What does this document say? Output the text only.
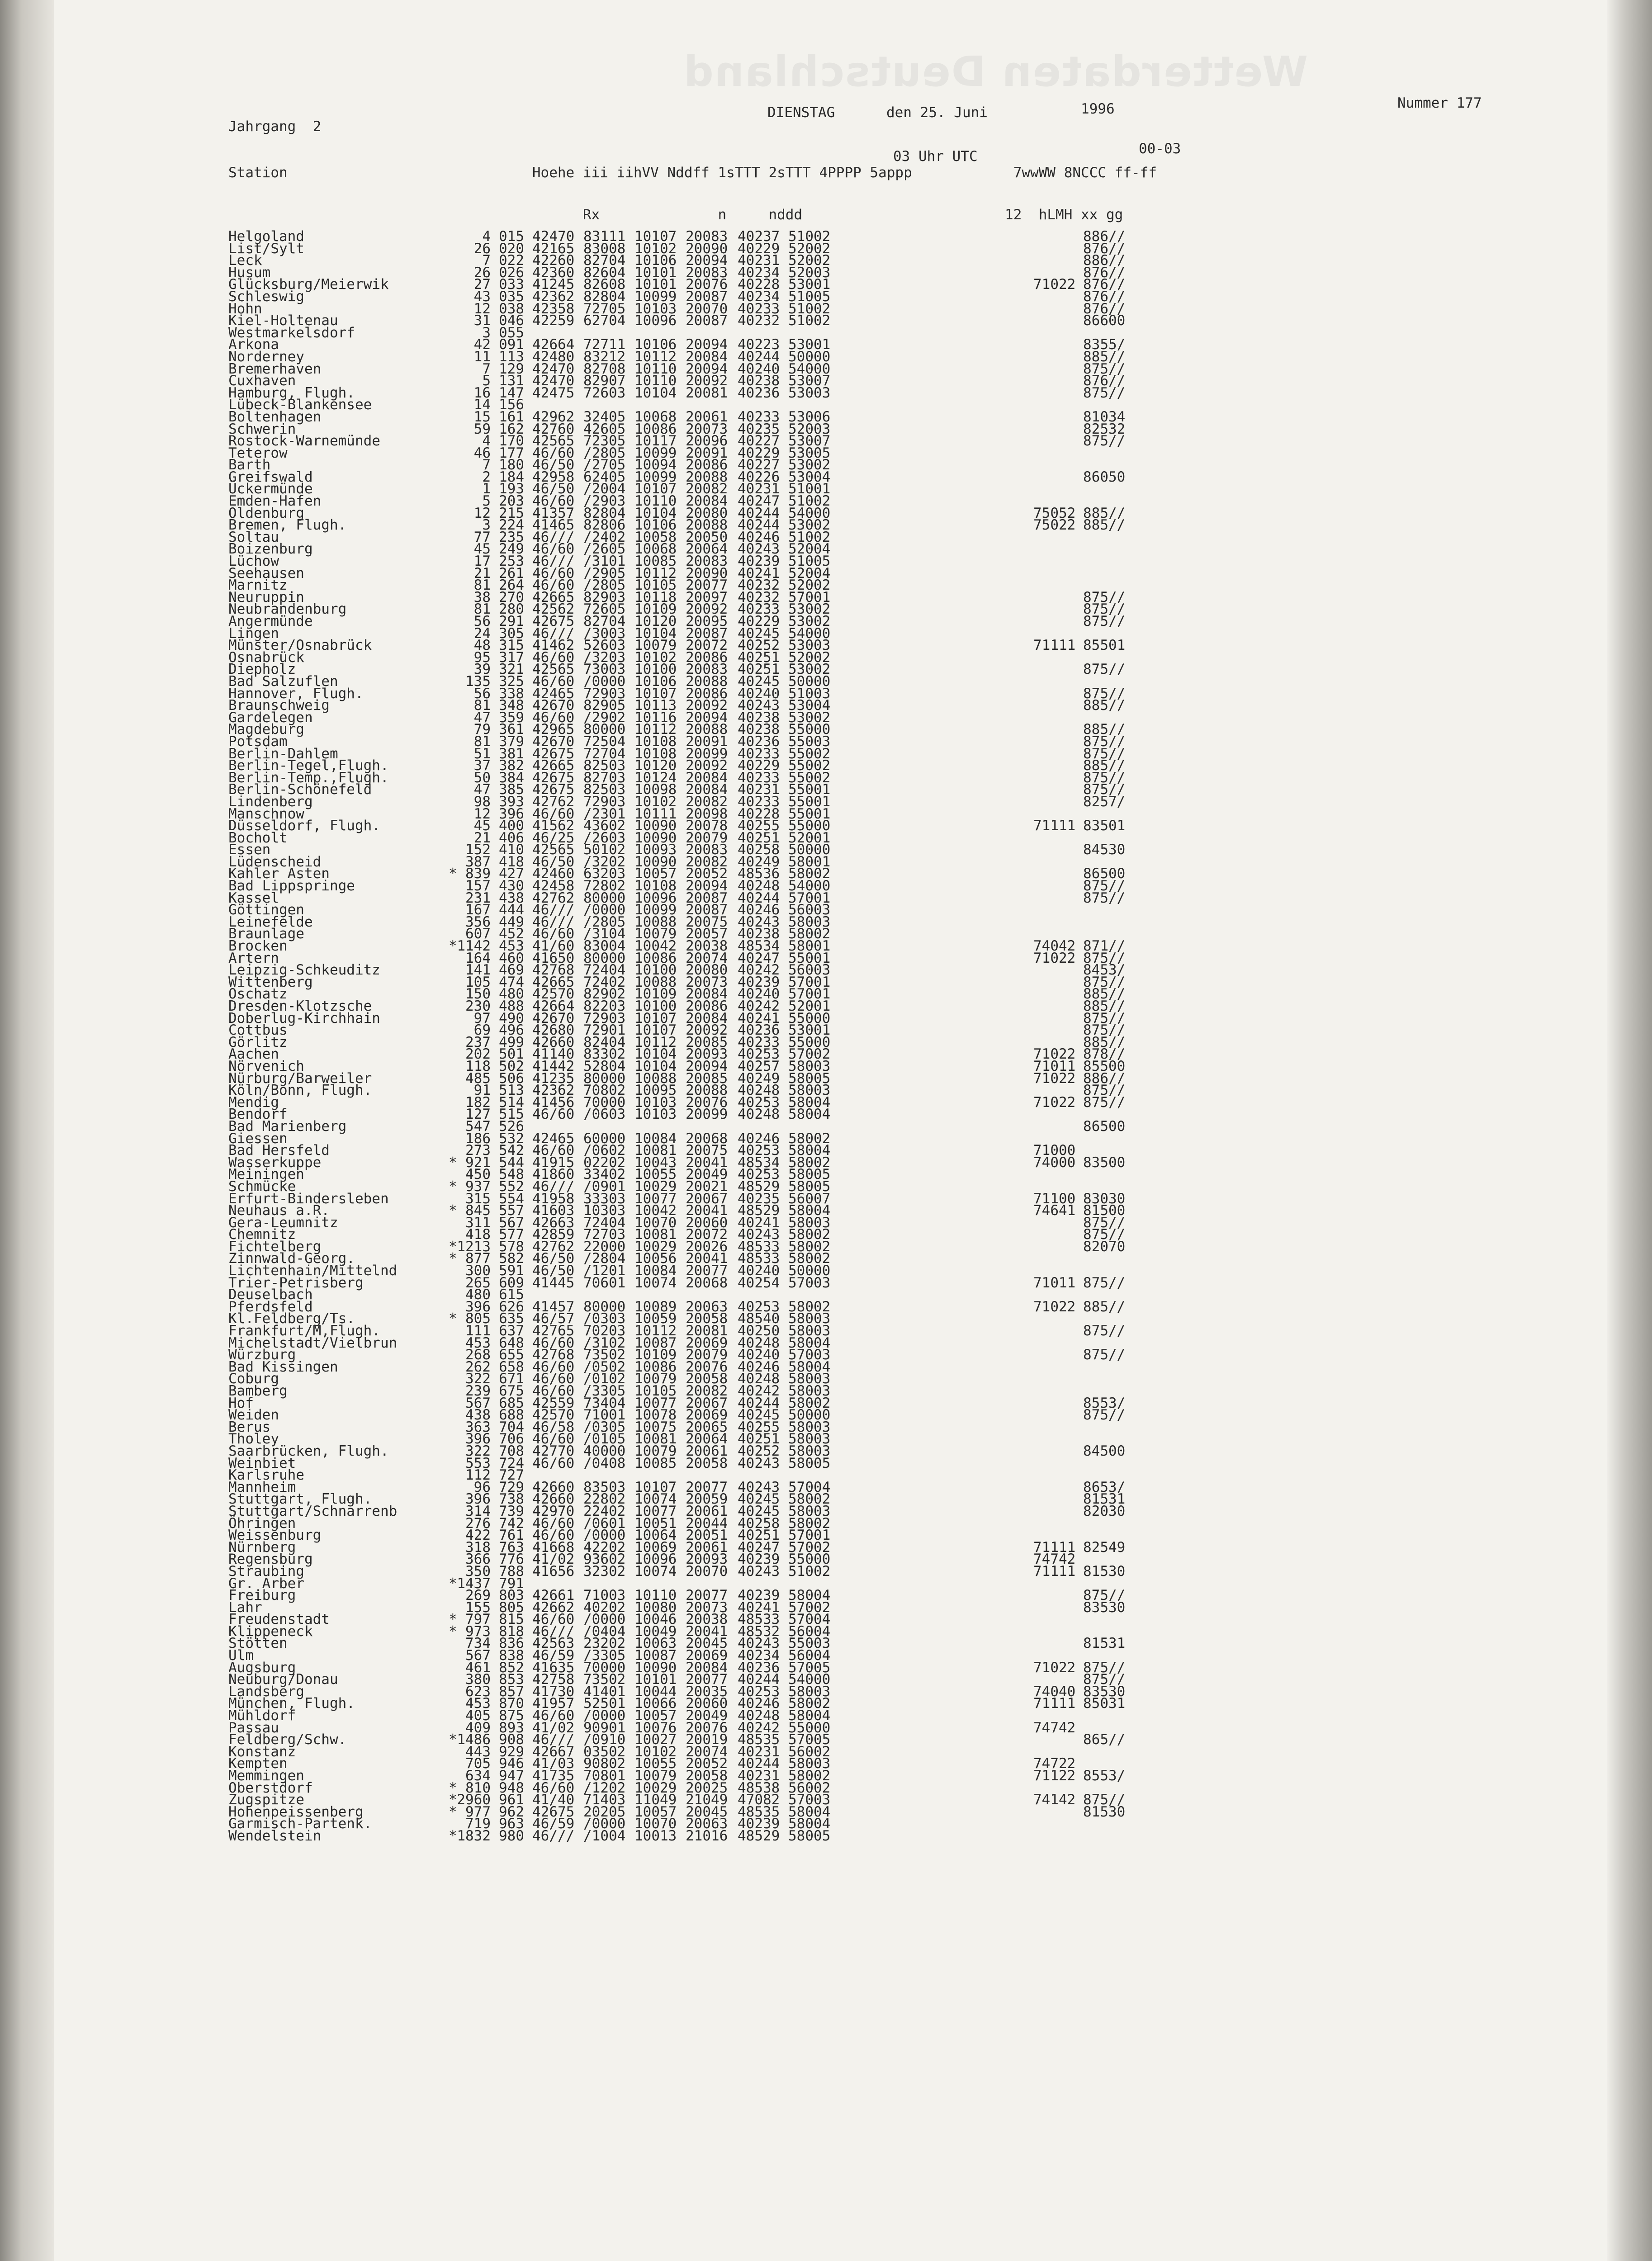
Wetterdaten Deutschland
Jahrgang  2
DIENSTAG	den 25. Juni	1996	Nummer 177
03 Uhr UTC	00-03

Station                             Hoehe iii iihVV Nddff 1sTTT 2sTTT 4PPPP 5appp            7wwWW 8NCCC ff-ff

Rx              n     nddd                        12  hLMH xx gg

Helgoland	4 015 42470 83111 10107 20083 40237 51002	886//
List/Sylt	26 020 42165 83008 10102 20090 40229 52002	876//
Leck	7 022 42260 82704 10106 20094 40231 52002	886//
Husum	26 026 42360 82604 10101 20083 40234 52003	876//
Glücksburg/Meierwik	27 033 41245 82608 10101 20076 40228 53001	71022 876//
Schleswig	43 035 42362 82804 10099 20087 40234 51005	876//
Hohn	12 038 42358 72705 10103 20070 40233 51002	876//
Kiel-Holtenau	31 046 42259 62704 10096 20087 40232 51002	86600
Westmarkelsdorf	3 055
Arkona	42 091 42664 72711 10106 20094 40223 53001	8355/
Norderney	11 113 42480 83212 10112 20084 40244 50000	885//
Bremerhaven	7 129 42470 82708 10110 20094 40240 54000	875//
Cuxhaven	5 131 42470 82907 10110 20092 40238 53007	876//
Hamburg, Flugh.	16 147 42475 72603 10104 20081 40236 53003	875//
Lübeck-Blankensee	14 156
Boltenhagen	15 161 42962 32405 10068 20061 40233 53006	81034
Schwerin	59 162 42760 42605 10086 20073 40235 52003	82532
Rostock-Warnemünde	4 170 42565 72305 10117 20096 40227 53007	875//
Teterow	46 177 46/60 /2805 10099 20091 40229 53005
Barth	7 180 46/50 /2705 10094 20086 40227 53002
Greifswald	2 184 42958 62405 10099 20088 40226 53004	86050
Ückermünde	1 193 46/50 /2004 10107 20082 40231 51001
Emden-Hafen	5 203 46/60 /2903 10110 20084 40247 51002
Oldenburg	12 215 41357 82804 10104 20080 40244 54000	75052 885//
Bremen, Flugh.	3 224 41465 82806 10106 20088 40244 53002	75022 885//
Soltau	77 235 46/// /2402 10058 20050 40246 51002
Boizenburg	45 249 46/60 /2605 10068 20064 40243 52004
Lüchow	17 253 46/// /3101 10085 20083 40239 51005
Seehausen	21 261 46/60 /2905 10112 20090 40241 52004
Marnitz	81 264 46/60 /2805 10105 20077 40232 52002
Neuruppin	38 270 42665 82903 10118 20097 40232 57001	875//
Neubrandenburg	81 280 42562 72605 10109 20092 40233 53002	875//
Angermünde	56 291 42675 82704 10120 20095 40229 53002	875//
Lingen	24 305 46/// /3003 10104 20087 40245 54000
Münster/Osnabrück	48 315 41462 52603 10079 20072 40252 53003	71111 85501
Osnabrück	95 317 46/60 /3203 10102 20086 40251 52002
Diepholz	39 321 42565 73003 10100 20083 40251 53002	875//
Bad Salzuflen	135 325 46/60 /0000 10106 20088 40245 50000
Hannover, Flugh.	56 338 42465 72903 10107 20086 40240 51003	875//
Braunschweig	81 348 42670 82905 10113 20092 40243 53004	885//
Gardelegen	47 359 46/60 /2902 10116 20094 40238 53002
Magdeburg	79 361 42965 80000 10112 20088 40238 55000	885//
Potsdam	81 379 42670 72504 10108 20091 40236 55003	875//
Berlin-Dahlem	51 381 42675 72704 10108 20099 40233 55002	875//
Berlin-Tegel,Flugh.	37 382 42665 82503 10120 20092 40229 55002	885//
Berlin-Temp.,Flugh.	50 384 42675 82703 10124 20084 40233 55002	875//
Berlin-Schönefeld	47 385 42675 82503 10098 20084 40231 55001	875//
Lindenberg	98 393 42762 72903 10102 20082 40233 55001	8257/
Manschnow	12 396 46/60 /2301 10111 20098 40228 55001
Düsseldorf, Flugh.	45 400 41562 43602 10090 20078 40255 55000	71111 83501
Bocholt	21 406 46/25 /2603 10090 20079 40251 52001
Essen	152 410 42565 50102 10093 20083 40258 50000	84530
Lüdenscheid	387 418 46/50 /3202 10090 20082 40249 58001
Kahler Asten	* 839 427 42460 63203 10057 20052 48536 58002	86500
Bad Lippspringe	157 430 42458 72802 10108 20094 40248 54000	875//
Kassel	231 438 42762 80000 10096 20087 40244 57001	875//
Göttingen	167 444 46/// /0000 10099 20087 40246 56003
Leinefelde	356 449 46/// /2805 10088 20075 40243 58003
Braunlage	607 452 46/60 /3104 10079 20057 40238 58002
Brocken	* 1142 453 41/60 83004 10042 20038 48534 58001	74042 871//
Artern	164 460 41650 80000 10086 20074 40247 55001	71022 875//
Leipzig-Schkeuditz	141 469 42768 72404 10100 20080 40242 56003	8453/
Wittenberg	105 474 42665 72402 10088 20073 40239 57001	875//
Oschatz	150 480 42570 82902 10109 20084 40240 57001	885//
Dresden-Klotzsche	230 488 42664 82203 10100 20086 40242 52001	885//
Doberlug-Kirchhain	97 490 42670 72903 10107 20084 40241 55000	875//
Cottbus	69 496 42680 72901 10107 20092 40236 53001	875//
Görlitz	237 499 42660 82404 10112 20085 40233 55000	885//
Aachen	202 501 41140 83302 10104 20093 40253 57002	71022 878//
Nörvenich	118 502 41442 52804 10104 20094 40257 58003	71011 85500
Nürburg/Barweiler	485 506 41235 80000 10088 20085 40249 58005	71022 886//
Köln/Bonn, Flugh.	91 513 42362 70802 10095 20088 40248 58003	875//
Mendig	182 514 41456 70000 10103 20076 40253 58004	71022 875//
Bendorf	127 515 46/60 /0603 10103 20099 40248 58004
Bad Marienberg	547 526	86500
Giessen	186 532 42465 60000 10084 20068 40246 58002
Bad Hersfeld	273 542 46/60 /0602 10081 20075 40253 58004	71000
Wasserkuppe	* 921 544 41915 02202 10043 20041 48534 58002	74000 83500
Meiningen	450 548 41860 33402 10055 20049 40253 58005
Schmücke	* 937 552 46/// /0901 10029 20021 48529 58005
Erfurt-Bindersleben	315 554 41958 33303 10077 20067 40235 56007	71100 83030
Neuhaus a.R.	* 845 557 41603 10303 10042 20041 48529 58004	74641 81500
Gera-Leumnitz	311 567 42663 72404 10070 20060 40241 58003	875//
Chemnitz	418 577 42859 72703 10081 20072 40243 58002	875//
Fichtelberg	* 1213 578 42762 22000 10029 20026 48533 58002	82070
Zinnwald-Georg.	* 877 582 46/50 /2804 10056 20041 48533 58002
Lichtenhain/Mittelnd	300 591 46/50 /1201 10084 20077 40240 50000
Trier-Petrisberg	265 609 41445 70601 10074 20068 40254 57003	71011 875//
Deuselbach	480 615
Pferdsfeld	396 626 41457 80000 10089 20063 40253 58002	71022 885//
Kl.Feldberg/Ts.	* 805 635 46/57 /0303 10059 20058 48540 58003
Frankfurt/M,Flugh.	111 637 42765 70203 10112 20081 40250 58003	875//
Michelstadt/Vielbrun	453 648 46/60 /3102 10087 20069 40248 58004
Würzburg	268 655 42768 73502 10109 20079 40240 57003	875//
Bad Kissingen	262 658 46/60 /0502 10086 20076 40246 58004
Coburg	322 671 46/60 /0102 10079 20058 40248 58003
Bamberg	239 675 46/60 /3305 10105 20082 40242 58003
Hof	567 685 42559 73404 10077 20067 40244 58002	8553/
Weiden	438 688 42570 71001 10078 20069 40245 50000	875//
Berus	363 704 46/58 /0305 10075 20065 40255 58003
Tholey	396 706 46/60 /0105 10081 20064 40251 58003
Saarbrücken, Flugh.	322 708 42770 40000 10079 20061 40252 58003	84500
Weinbiet	553 724 46/60 /0408 10085 20058 40243 58005
Karlsruhe	112 727
Mannheim	96 729 42660 83503 10107 20077 40243 57004	8653/
Stuttgart, Flugh.	396 738 42660 22802 10074 20059 40245 58002	81531
Stuttgart/Schnarrenb	314 739 42970 22402 10077 20061 40245 58003	82030
Öhringen	276 742 46/60 /0601 10051 20044 40258 58002
Weissenburg	422 761 46/60 /0000 10064 20051 40251 57001
Nürnberg	318 763 41668 42202 10069 20061 40247 57002	71111 82549
Regensburg	366 776 41/02 93602 10096 20093 40239 55000	74742
Straubing	350 788 41656 32302 10074 20070 40243 51002	71111 81530
Gr. Arber	* 1437 791
Freiburg	269 803 42661 71003 10110 20077 40239 58004	875//
Lahr	155 805 42662 40202 10080 20073 40241 57002	83530
Freudenstadt	* 797 815 46/60 /0000 10046 20038 48533 57004
Klippeneck	* 973 818 46/// /0404 10049 20041 48532 56004
Stötten	734 836 42563 23202 10063 20045 40243 55003	81531
Ulm	567 838 46/59 /3305 10087 20069 40234 56004
Augsburg	461 852 41635 70000 10090 20084 40236 57005	71022 875//
Neuburg/Donau	380 853 42758 73502 10101 20077 40244 54000	875//
Landsberg	623 857 41730 41401 10044 20035 40253 58003	74040 83530
München, Flugh.	453 870 41957 52501 10066 20060 40246 58002	71111 85031
Mühldorf	405 875 46/60 /0000 10057 20049 40248 58004
Passau	409 893 41/02 90901 10076 20076 40242 55000	74742
Feldberg/Schw.	* 1486 908 46/// /0910 10027 20019 48535 57005	865//
Konstanz	443 929 42667 03502 10102 20074 40231 56002
Kempten	705 946 41/03 90802 10055 20052 40244 58003	74722
Memmingen	634 947 41735 70801 10079 20058 40231 58002	71122 8553/
Oberstdorf	* 810 948 46/60 /1202 10029 20025 48538 56002
Zugspitze	* 2960 961 41/40 71403 11049 21049 47082 57003	74142 875//
Hohenpeissenberg	* 977 962 42675 20205 10057 20045 48535 58004	81530
Garmisch-Partenk.	719 963 46/59 /0000 10070 20063 40239 58004
Wendelstein	* 1832 980 46/// /1004 10013 21016 48529 58005
